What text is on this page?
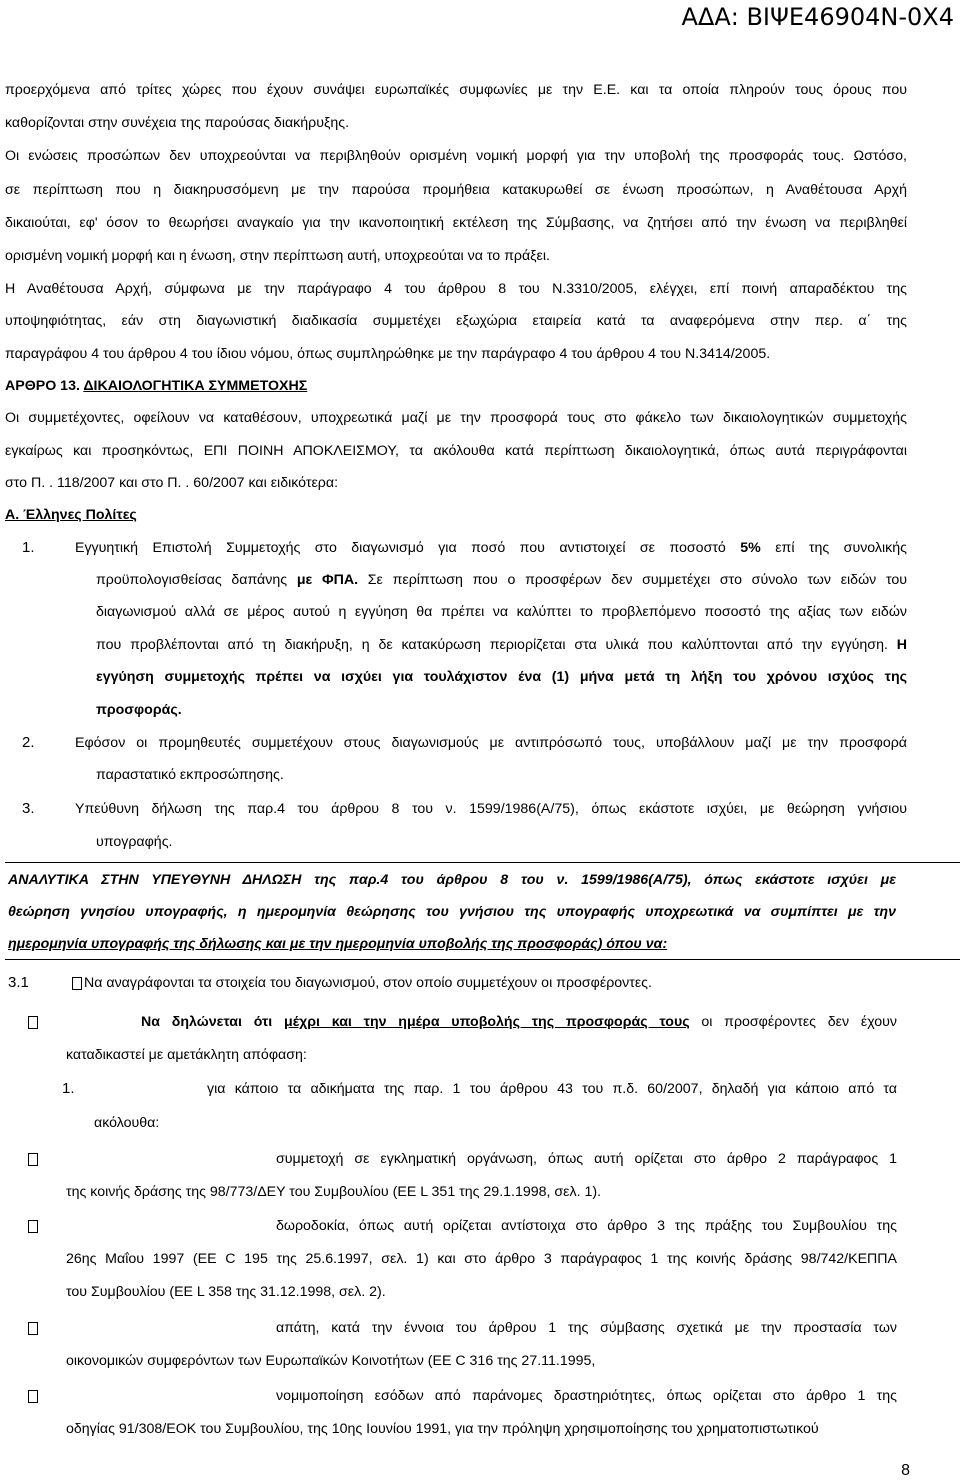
ΑΔΑ: ΒΙΨΕ46904Ν-0Χ4
προερχόμενα από τρίτες χώρες που έχουν συνάψει ευρωπαϊκές συμφωνίες με την Ε.Ε. και τα οποία πληρούν τους όρους που
καθορίζονται στην συνέχεια της παρούσας διακήρυξης.
Οι ενώσεις προσώπων δεν υποχρεούνται να περιβληθούν ορισμένη νομική μορφή για την υποβολή της προσφοράς τους. Ωστόσο,
σε περίπτωση που η διακηρυσσόμενη με την παρούσα προμήθεια κατακυρωθεί σε ένωση προσώπων, η Αναθέτουσα Αρχή
δικαιούται, εφ' όσον το θεωρήσει αναγκαίο για την ικανοποιητική εκτέλεση της Σύμβασης, να ζητήσει από την ένωση να περιβληθεί
ορισμένη νομική μορφή και η ένωση, στην περίπτωση αυτή, υποχρεούται να το πράξει.
Η Αναθέτουσα Αρχή, σύμφωνα με την παράγραφο 4 του άρθρου 8 του Ν.3310/2005, ελέγχει, επί ποινή απαραδέκτου της
υποψηφιότητας, εάν στη διαγωνιστική διαδικασία συμμετέχει εξωχώρια εταιρεία κατά τα αναφερόμενα στην περ. α΄ της
παραγράφου 4 του άρθρου 4 του ίδιου νόμου, όπως συμπληρώθηκε με την παράγραφο 4 του άρθρου 4 του Ν.3414/2005.
ΑΡΘΡΟ 13. ΔΙΚΑΙΟΛΟΓΗΤΙΚΑ ΣΥΜΜΕΤΟΧΗΣ
Οι συμμετέχοντες, οφείλουν να καταθέσουν, υποχρεωτικά μαζί με την προσφορά τους στο φάκελο των δικαιολογητικών συμμετοχής
εγκαίρως και προσηκόντως, ΕΠΙ ΠΟΙΝΗ ΑΠΟΚΛΕΙΣΜΟΥ, τα ακόλουθα κατά περίπτωση δικαιολογητικά, όπως αυτά περιγράφονται
στο Π. . 118/2007 και στο Π. . 60/2007 και ειδικότερα:
Α. Έλληνες Πολίτες
1.	Εγγυητική Επιστολή Συμμετοχής στο διαγωνισμό για ποσό που αντιστοιχεί σε ποσοστό 5% επί της συνολικής
προϋπολογισθείσας δαπάνης με ΦΠΑ. Σε περίπτωση που ο προσφέρων δεν συμμετέχει στο σύνολο των ειδών του
διαγωνισμού αλλά σε μέρος αυτού η εγγύηση θα πρέπει να καλύπτει το προβλεπόμενο ποσοστό της αξίας των ειδών
που προβλέπονται από τη διακήρυξη, η δε κατακύρωση περιορίζεται στα υλικά που καλύπτονται από την εγγύηση. Η
εγγύηση συμμετοχής πρέπει να ισχύει για τουλάχιστον ένα (1) μήνα μετά τη λήξη του χρόνου ισχύος της
προσφοράς.
2.	Εφόσον οι προμηθευτές συμμετέχουν στους διαγωνισμούς με αντιπρόσωπό τους, υποβάλλουν μαζί με την προσφορά
παραστατικό εκπροσώπησης.
3.	Υπεύθυνη δήλωση της παρ.4 του άρθρου 8 του ν. 1599/1986(Α/75), όπως εκάστοτε ισχύει, με θεώρηση γνήσιου
υπογραφής.
ΑΝΑΛΥΤΙΚΑ ΣΤΗΝ ΥΠΕΥΘΥΝΗ ΔΗΛΩΣΗ της παρ.4 του άρθρου 8 του ν. 1599/1986(Α/75), όπως εκάστοτε ισχύει με
θεώρηση γνησίου υπογραφής, η ημερομηνία θεώρησης του γνήσιου της υπογραφής υποχρεωτικά να συμπίπτει με την
ημερομηνία υπογραφής της δήλωσης και με την ημερομηνία υποβολής της προσφοράς) όπου να:
3.1	Να αναγράφονται τα στοιχεία του διαγωνισμού, στον οποίο συμμετέχουν οι προσφέροντες.
Να δηλώνεται ότι μέχρι και την ημέρα υποβολής της προσφοράς τους οι προσφέροντες δεν έχουν
καταδικαστεί με αμετάκλητη απόφαση:
1.	για κάποιο τα αδικήματα της παρ. 1 του άρθρου 43 του π.δ. 60/2007, δηλαδή για κάποιο από τα
ακόλουθα:
συμμετοχή σε εγκληματική οργάνωση, όπως αυτή ορίζεται στο άρθρο 2 παράγραφος 1
της κοινής δράσης της 98/773/ΔΕΥ του Συμβουλίου (ΕΕ L 351 της 29.1.1998, σελ. 1).
δωροδοκία, όπως αυτή ορίζεται αντίστοιχα στο άρθρο 3 της πράξης του Συμβουλίου της
26ης Μαΐου 1997 (ΕΕ C 195 της 25.6.1997, σελ. 1) και στο άρθρο 3 παράγραφος 1 της κοινής δράσης 98/742/ΚΕΠΠΑ
του Συμβουλίου (ΕΕ L 358 της 31.12.1998, σελ. 2).
απάτη, κατά την έννοια του άρθρου 1 της σύμβασης σχετικά με την προστασία των
οικονομικών συμφερόντων των Ευρωπαϊκών Κοινοτήτων (ΕΕ C 316 της 27.11.1995,
νομιμοποίηση εσόδων από παράνομες δραστηριότητες, όπως ορίζεται στο άρθρο 1 της
οδηγίας 91/308/ΕΟΚ του Συμβουλίου, της 10ης Ιουνίου 1991, για την πρόληψη χρησιμοποίησης του χρηματοπιστωτικού
8
